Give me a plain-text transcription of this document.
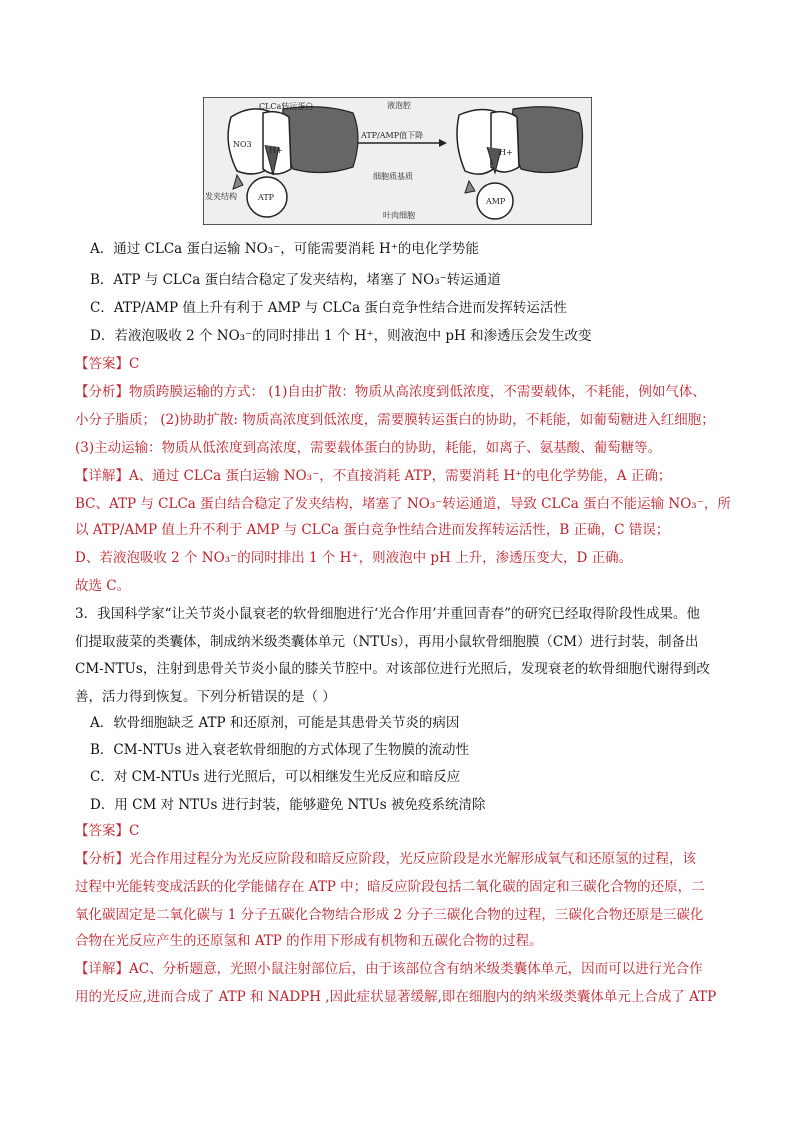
CLCa转运蛋白	液泡腔
ATP/AMP值下降
细胞质基质
叶肉细胞
发夹结构
NO3
H+	H+
ATP	AMP
A．通过 CLCa 蛋白运输 NO₃⁻，可能需要消耗 H⁺的电化学势能
B．ATP 与 CLCa 蛋白结合稳定了发夹结构，堵塞了 NO₃⁻转运通道
C．ATP/AMP 值上升有利于 AMP 与 CLCa 蛋白竞争性结合进而发挥转运活性
D．若液泡吸收 2 个 NO₃⁻的同时排出 1 个 H⁺，则液泡中 pH 和渗透压会发生改变
【答案】C
【分析】物质跨膜运输的方式： (1)自由扩散：物质从高浓度到低浓度，不需要载体，不耗能，例如气体、
小分子脂质； (2)协助扩散: 物质高浓度到低浓度，需要膜转运蛋白的协助，不耗能，如葡萄糖进入红细胞；
(3)主动运输：物质从低浓度到高浓度，需要载体蛋白的协助，耗能，如离子、氨基酸、葡萄糖等。
【详解】A、通过 CLCa 蛋白运输 NO₃⁻，不直接消耗 ATP，需要消耗 H⁺的电化学势能，A 正确；
BC、ATP 与 CLCa 蛋白结合稳定了发夹结构，堵塞了 NO₃⁻转运通道，导致 CLCa 蛋白不能运输 NO₃⁻，所
以 ATP/AMP 值上升不利于 AMP 与 CLCa 蛋白竞争性结合进而发挥转运活性，B 正确，C 错误；
D、若液泡吸收 2 个 NO₃⁻的同时排出 1 个 H⁺，则液泡中 pH 上升，渗透压变大，D 正确。
故选 C。
3．我国科学家“让关节炎小鼠衰老的软骨细胞进行‘光合作用’并重回青春”的研究已经取得阶段性成果。他
们提取菠菜的类囊体，制成纳米级类囊体单元（NTUs），再用小鼠软骨细胞膜（CM）进行封装，制备出
CM-NTUs，注射到患骨关节炎小鼠的膝关节腔中。对该部位进行光照后，发现衰老的软骨细胞代谢得到改
善，活力得到恢复。下列分析错误的是（ ）
A．软骨细胞缺乏 ATP 和还原剂，可能是其患骨关节炎的病因
B．CM-NTUs 进入衰老软骨细胞的方式体现了生物膜的流动性
C．对 CM-NTUs 进行光照后，可以相继发生光反应和暗反应
D．用 CM 对 NTUs 进行封装，能够避免 NTUs 被免疫系统清除
【答案】C
【分析】光合作用过程分为光反应阶段和暗反应阶段，光反应阶段是水光解形成氧气和还原氢的过程，该
过程中光能转变成活跃的化学能储存在 ATP 中；暗反应阶段包括二氧化碳的固定和三碳化合物的还原，二
氧化碳固定是二氧化碳与 1 分子五碳化合物结合形成 2 分子三碳化合物的过程，三碳化合物还原是三碳化
合物在光反应产生的还原氢和 ATP 的作用下形成有机物和五碳化合物的过程。
【详解】AC、分析题意，光照小鼠注射部位后，由于该部位含有纳米级类囊体单元，因而可以进行光合作
用的光反应,进而合成了 ATP 和 NADPH ,因此症状显著缓解,即在细胞内的纳米级类囊体单元上合成了 ATP
